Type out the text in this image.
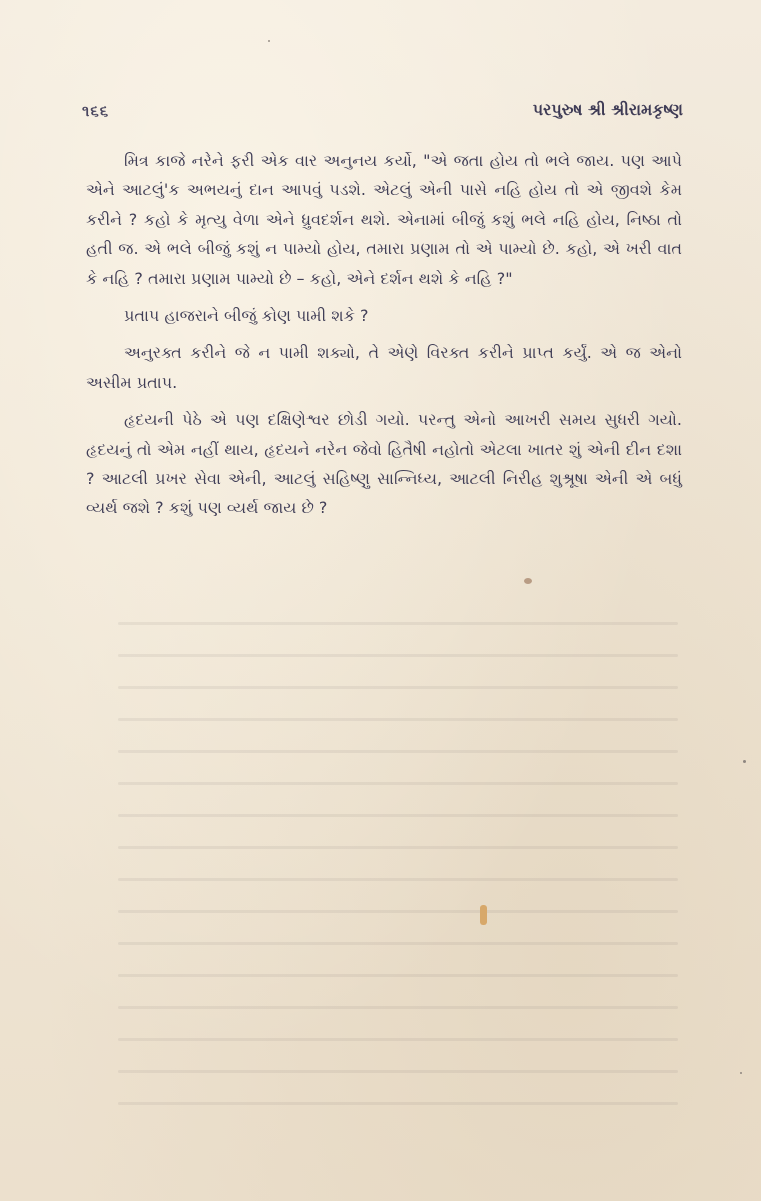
૧૬૬	પરપુરુષ શ્રી શ્રીરામકૃષ્ણ

મિત્ર કાજે નરેને ફરી એક વાર અનુનય કર્યો, "એ જતા હોય તો ભલે જાય. પણ આપે એને આટલું'ક અભયનું દાન આપવું પડશે. એટલું એની પાસે નહિ હોય તો એ જીવશે કેમ કરીને ? કહો કે મૃત્યુ વેળા એને ધ્રુવદર્શન થશે. એનામાં બીજું કશું ભલે નહિ હોય, નિષ્ઠા તો હતી જ. એ ભલે બીજું કશું ન પામ્યો હોય, તમારા પ્રણામ તો એ પામ્યો છે. કહો, એ ખરી વાત કે નહિ ? તમારા પ્રણામ પામ્યો છે – કહો, એને દર્શન થશે કે નહિ ?"

પ્રતાપ હાજરાને બીજું કોણ પામી શકે ?

અનુરક્ત કરીને જે ન પામી શક્યો, તે એણે વિરક્ત કરીને પ્રાપ્ત કર્યું. એ જ એનો અસીમ પ્રતાપ.

હૃદયની પેઠે એ પણ દક્ષિણેશ્વર છોડી ગયો. પરન્તુ એનો આખરી સમય સુધરી ગયો. હૃદયનું તો એમ નહીં થાય, હૃદયને નરેન જેવો હિતૈષી નહોતો એટલા ખાતર શું એની દીન દશા ? આટલી પ્રખર સેવા એની, આટલું સહિષ્ણુ સાન્નિધ્ય, આટલી નિરીહ શુશ્રૂષા એની એ બધું વ્યર્થ જશે ? કશું પણ વ્યર્થ જાય છે ?
